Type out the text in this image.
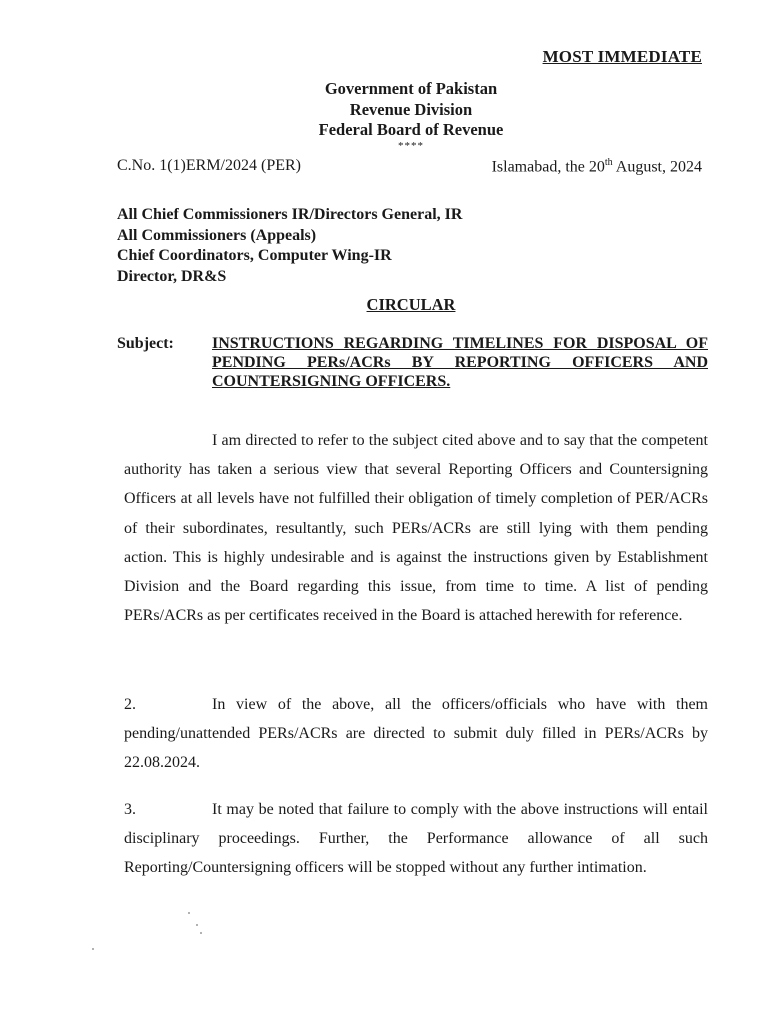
MOST IMMEDIATE
Government of Pakistan
Revenue Division
Federal Board of Revenue
****
C.No. 1(1)ERM/2024 (PER)	Islamabad, the 20th August, 2024
All Chief Commissioners IR/Directors General, IR
All Commissioners (Appeals)
Chief Coordinators, Computer Wing-IR
Director, DR&S
CIRCULAR
Subject: INSTRUCTIONS REGARDING TIMELINES FOR DISPOSAL OF PENDING PERs/ACRs BY REPORTING OFFICERS AND COUNTERSIGNING OFFICERS.
I am directed to refer to the subject cited above and to say that the competent authority has taken a serious view that several Reporting Officers and Countersigning Officers at all levels have not fulfilled their obligation of timely completion of PER/ACRs of their subordinates, resultantly, such PERs/ACRs are still lying with them pending action. This is highly undesirable and is against the instructions given by Establishment Division and the Board regarding this issue, from time to time. A list of pending PERs/ACRs as per certificates received in the Board is attached herewith for reference.
2.	In view of the above, all the officers/officials who have with them pending/unattended PERs/ACRs are directed to submit duly filled in PERs/ACRs by 22.08.2024.
3.	It may be noted that failure to comply with the above instructions will entail disciplinary proceedings. Further, the Performance allowance of all such Reporting/Countersigning officers will be stopped without any further intimation.
